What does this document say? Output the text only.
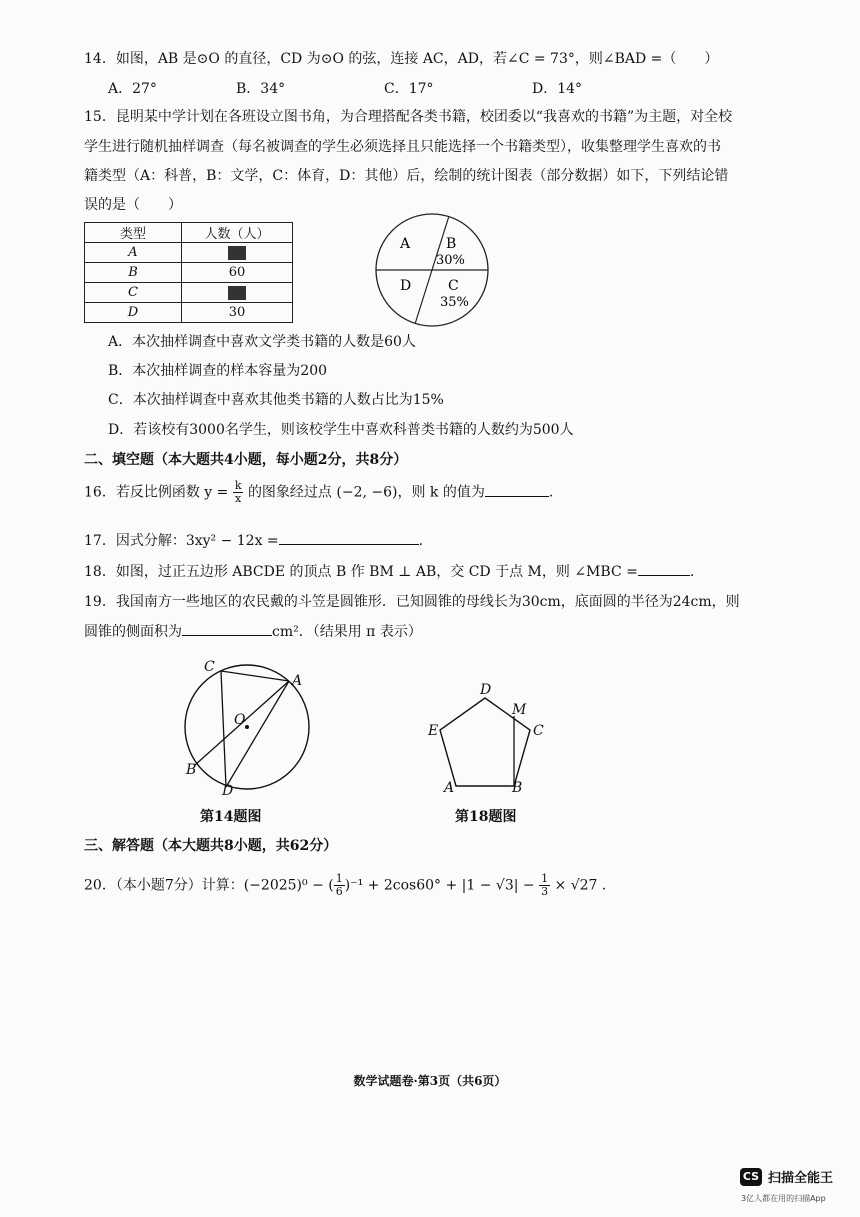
14．如图，AB 是⊙O 的直径，CD 为⊙O 的弦，连接 AC，AD，若∠C = 73°，则∠BAD =（　　）
A．27°	B．34°	C．17°	D．14°
15．昆明某中学计划在各班设立图书角，为合理搭配各类书籍，校团委以“我喜欢的书籍”为主题，对全校
学生进行随机抽样调查（每名被调查的学生必须选择且只能选择一个书籍类型），收集整理学生喜欢的书
籍类型（A：科普，B：文学，C：体育，D：其他）后，绘制的统计图表（部分数据）如下，下列结论错
误的是（　　）
类型	人数（人）
A	
B	60
C	
D	30
A	B
30%
C
35%
D
A．本次抽样调查中喜欢文学类书籍的人数是60人
B．本次抽样调查的样本容量为200
C．本次抽样调查中喜欢其他类书籍的人数占比为15%
D．若该校有3000名学生，则该校学生中喜欢科普类书籍的人数约为500人
二、填空题（本大题共4小题，每小题2分，共8分）
16．若反比例函数 $y = \frac{k}{x}$ 的图象经过点 (−2, −6)，则 k 的值为	.
17．因式分解：3xy² − 12x =	.
18．如图，过正五边形 ABCDE 的顶点 B 作 BM ⊥ AB，交 CD 于点 M，则 ∠MBC =	.
19．我国南方一些地区的农民戴的斗笠是圆锥形．已知圆锥的母线长为30cm，底面圆的半径为24cm，则
圆锥的侧面积为	cm²．（结果用 π 表示）
C
A
O
B
D
第14题图
D
M
E	C
A	B
第18题图
三、解答题（本大题共8小题，共62分）
20．（本小题7分）计算：(−2025)⁰ − ( $\frac{1}{6} )^{-1} + 2\cos 60^\circ + |1 - √3| - \frac{1}{3} \times √27$ .
数学试题卷·第3页（共6页）
CS 扫描全能王
3亿人都在用的扫描App
